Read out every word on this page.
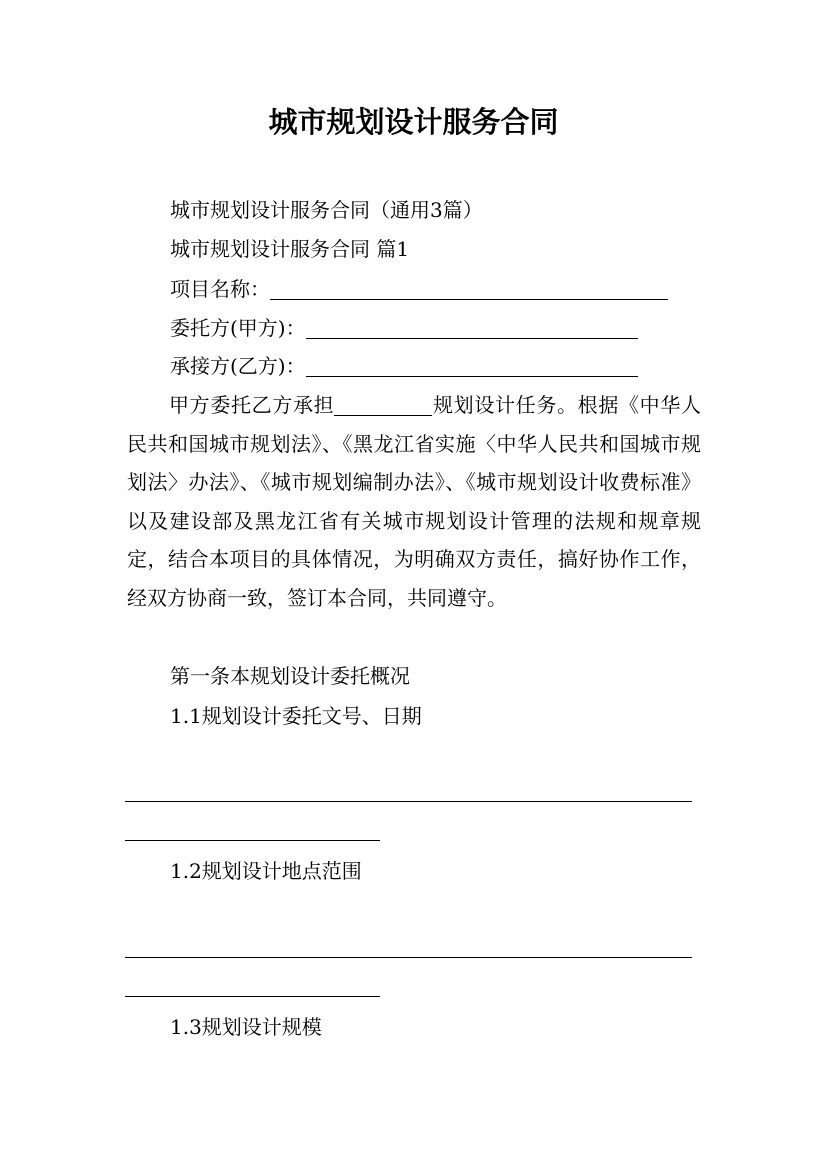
城市规划设计服务合同
城市规划设计服务合同（通用3篇）
城市规划设计服务合同 篇1
项目名称：
委托方(甲方)：
承接方(乙方)：
甲方委托乙方承担	规划设计任务。根据《中华人民共和国城市规划法》、《黑龙江省实施〈中华人民共和国城市规划法〉办法》、《城市规划编制办法》、《城市规划设计收费标准》以及建设部及黑龙江省有关城市规划设计管理的法规和规章规定，结合本项目的具体情况，为明确双方责任，搞好协作工作，经双方协商一致，签订本合同，共同遵守。
第一条本规划设计委托概况
1.1规划设计委托文号、日期
1.2规划设计地点范围
1.3规划设计规模
